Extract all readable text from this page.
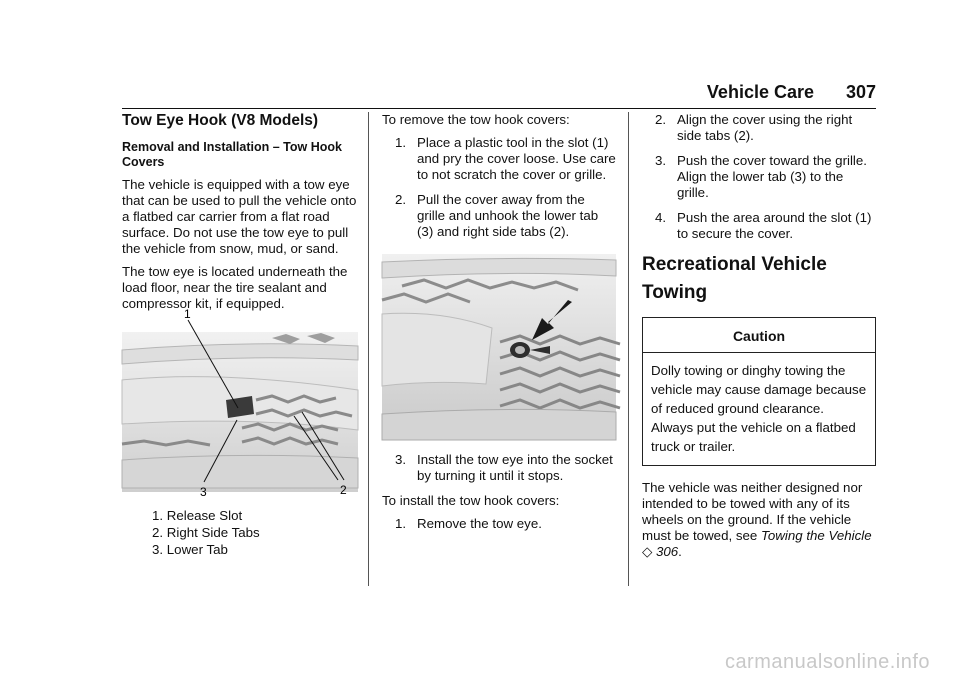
Vehicle Care 307
Tow Eye Hook (V8 Models)
Removal and Installation – Tow Hook Covers

The vehicle is equipped with a tow eye that can be used to pull the vehicle onto a flatbed car carrier from a flat road surface. Do not use the tow eye to pull the vehicle from snow, mud, or sand.

The tow eye is located underneath the load floor, near the tire sealant and compressor kit, if equipped.

1
3	2
1. Release Slot
2. Right Side Tabs
3. Lower Tab

To remove the tow hook covers:

1. Place a plastic tool in the slot (1) and pry the cover loose. Use care to not scratch the cover or grille.

2. Pull the cover away from the grille and unhook the lower tab (3) and right side tabs (2).

3. Install the tow eye into the socket by turning it until it stops.

To install the tow hook covers:

1. Remove the tow eye.

2. Align the cover using the right side tabs (2).

3. Push the cover toward the grille. Align the lower tab (3) to the grille.

4. Push the area around the slot (1) to secure the cover.

Recreational Vehicle Towing
Caution
Dolly towing or dinghy towing the vehicle may cause damage because of reduced ground clearance. Always put the vehicle on a flatbed truck or trailer.

The vehicle was neither designed nor intended to be towed with any of its wheels on the ground. If the vehicle must be towed, see Towing the Vehicle ◇ 306.

carmanualsonline.info
